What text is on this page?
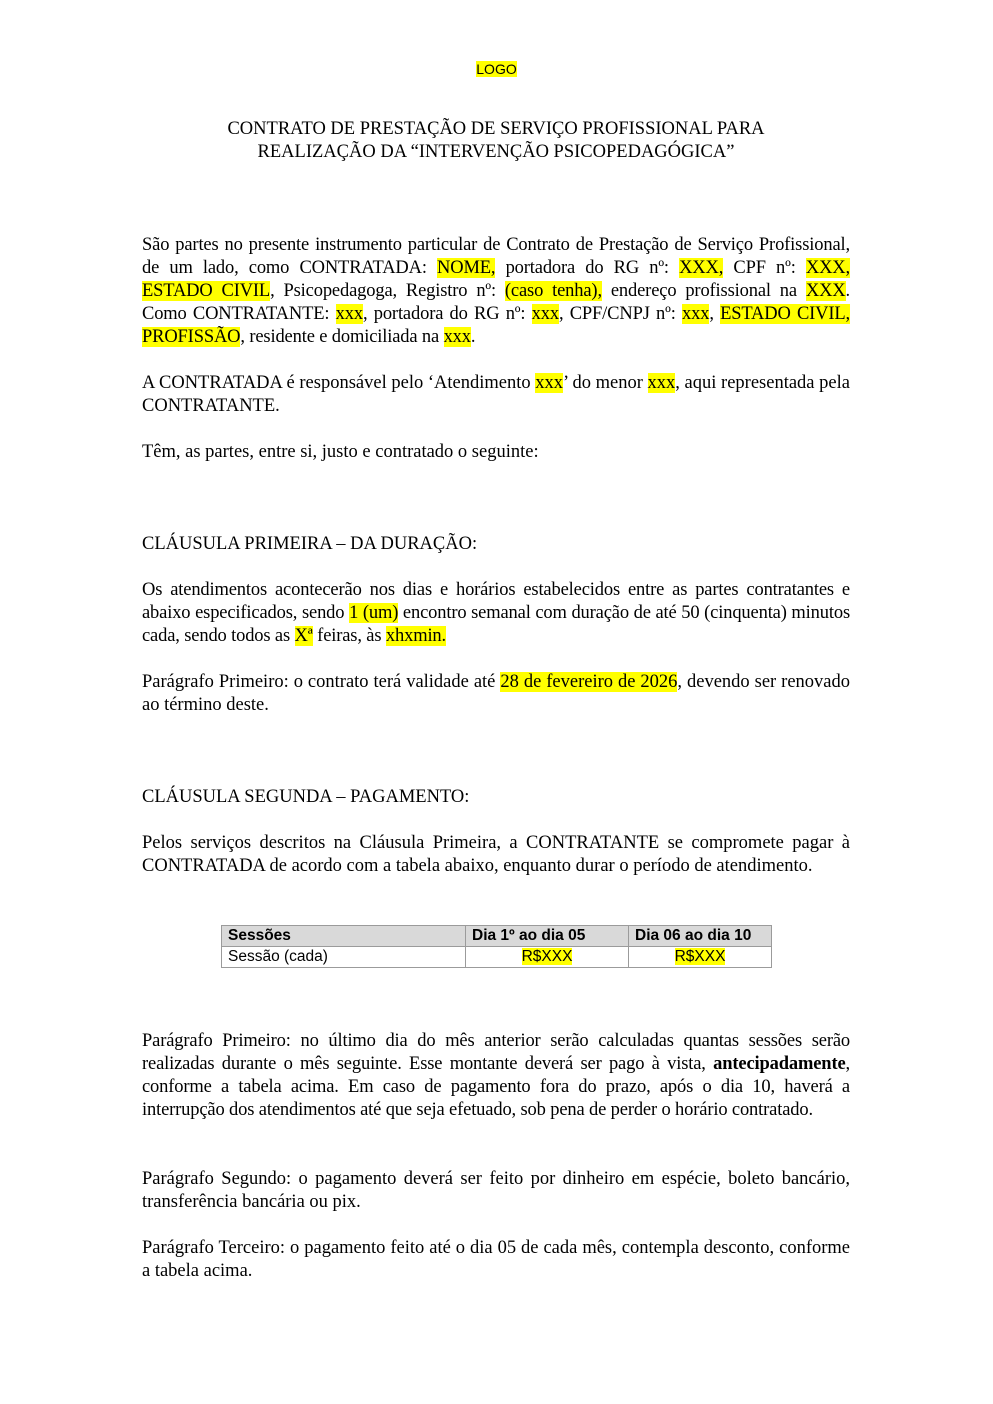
LOGO
CONTRATO DE PRESTAÇÃO DE SERVIÇO PROFISSIONAL PARA
REALIZAÇÃO DA “INTERVENÇÃO PSICOPEDAGÓGICA”

São partes no presente instrumento particular de Contrato de Prestação de Serviço Profissional, de um lado, como CONTRATADA: NOME, portadora do RG nº: XXX, CPF nº: XXX, ESTADO CIVIL, Psicopedagoga, Registro nº: (caso tenha), endereço profissional na XXX. Como CONTRATANTE: xxx, portadora do RG nº: xxx, CPF/CNPJ nº: xxx, ESTADO CIVIL, PROFISSÃO, residente e domiciliada na xxx.

A CONTRATADA é responsável pelo ‘Atendimento xxx’ do menor xxx, aqui representada pela CONTRATANTE.

Têm, as partes, entre si, justo e contratado o seguinte:

CLÁUSULA PRIMEIRA – DA DURAÇÃO:

Os atendimentos acontecerão nos dias e horários estabelecidos entre as partes contratantes e abaixo especificados, sendo 1 (um) encontro semanal com duração de até 50 (cinquenta) minutos cada, sendo todos as Xª feiras, às xhxmin.

Parágrafo Primeiro: o contrato terá validade até 28 de fevereiro de 2026, devendo ser renovado ao término deste.

CLÁUSULA SEGUNDA – PAGAMENTO:

Pelos serviços descritos na Cláusula Primeira, a CONTRATANTE se compromete pagar à CONTRATADA de acordo com a tabela abaixo, enquanto durar o período de atendimento.

Sessões	Dia 1º ao dia 05	Dia 06 ao dia 10
Sessão (cada)	R$XXX	R$XXX

Parágrafo Primeiro: no último dia do mês anterior serão calculadas quantas sessões serão realizadas durante o mês seguinte. Esse montante deverá ser pago à vista, antecipadamente, conforme a tabela acima. Em caso de pagamento fora do prazo, após o dia 10, haverá a interrupção dos atendimentos até que seja efetuado, sob pena de perder o horário contratado.

Parágrafo Segundo: o pagamento deverá ser feito por dinheiro em espécie, boleto bancário, transferência bancária ou pix.

Parágrafo Terceiro: o pagamento feito até o dia 05 de cada mês, contempla desconto, conforme a tabela acima.
